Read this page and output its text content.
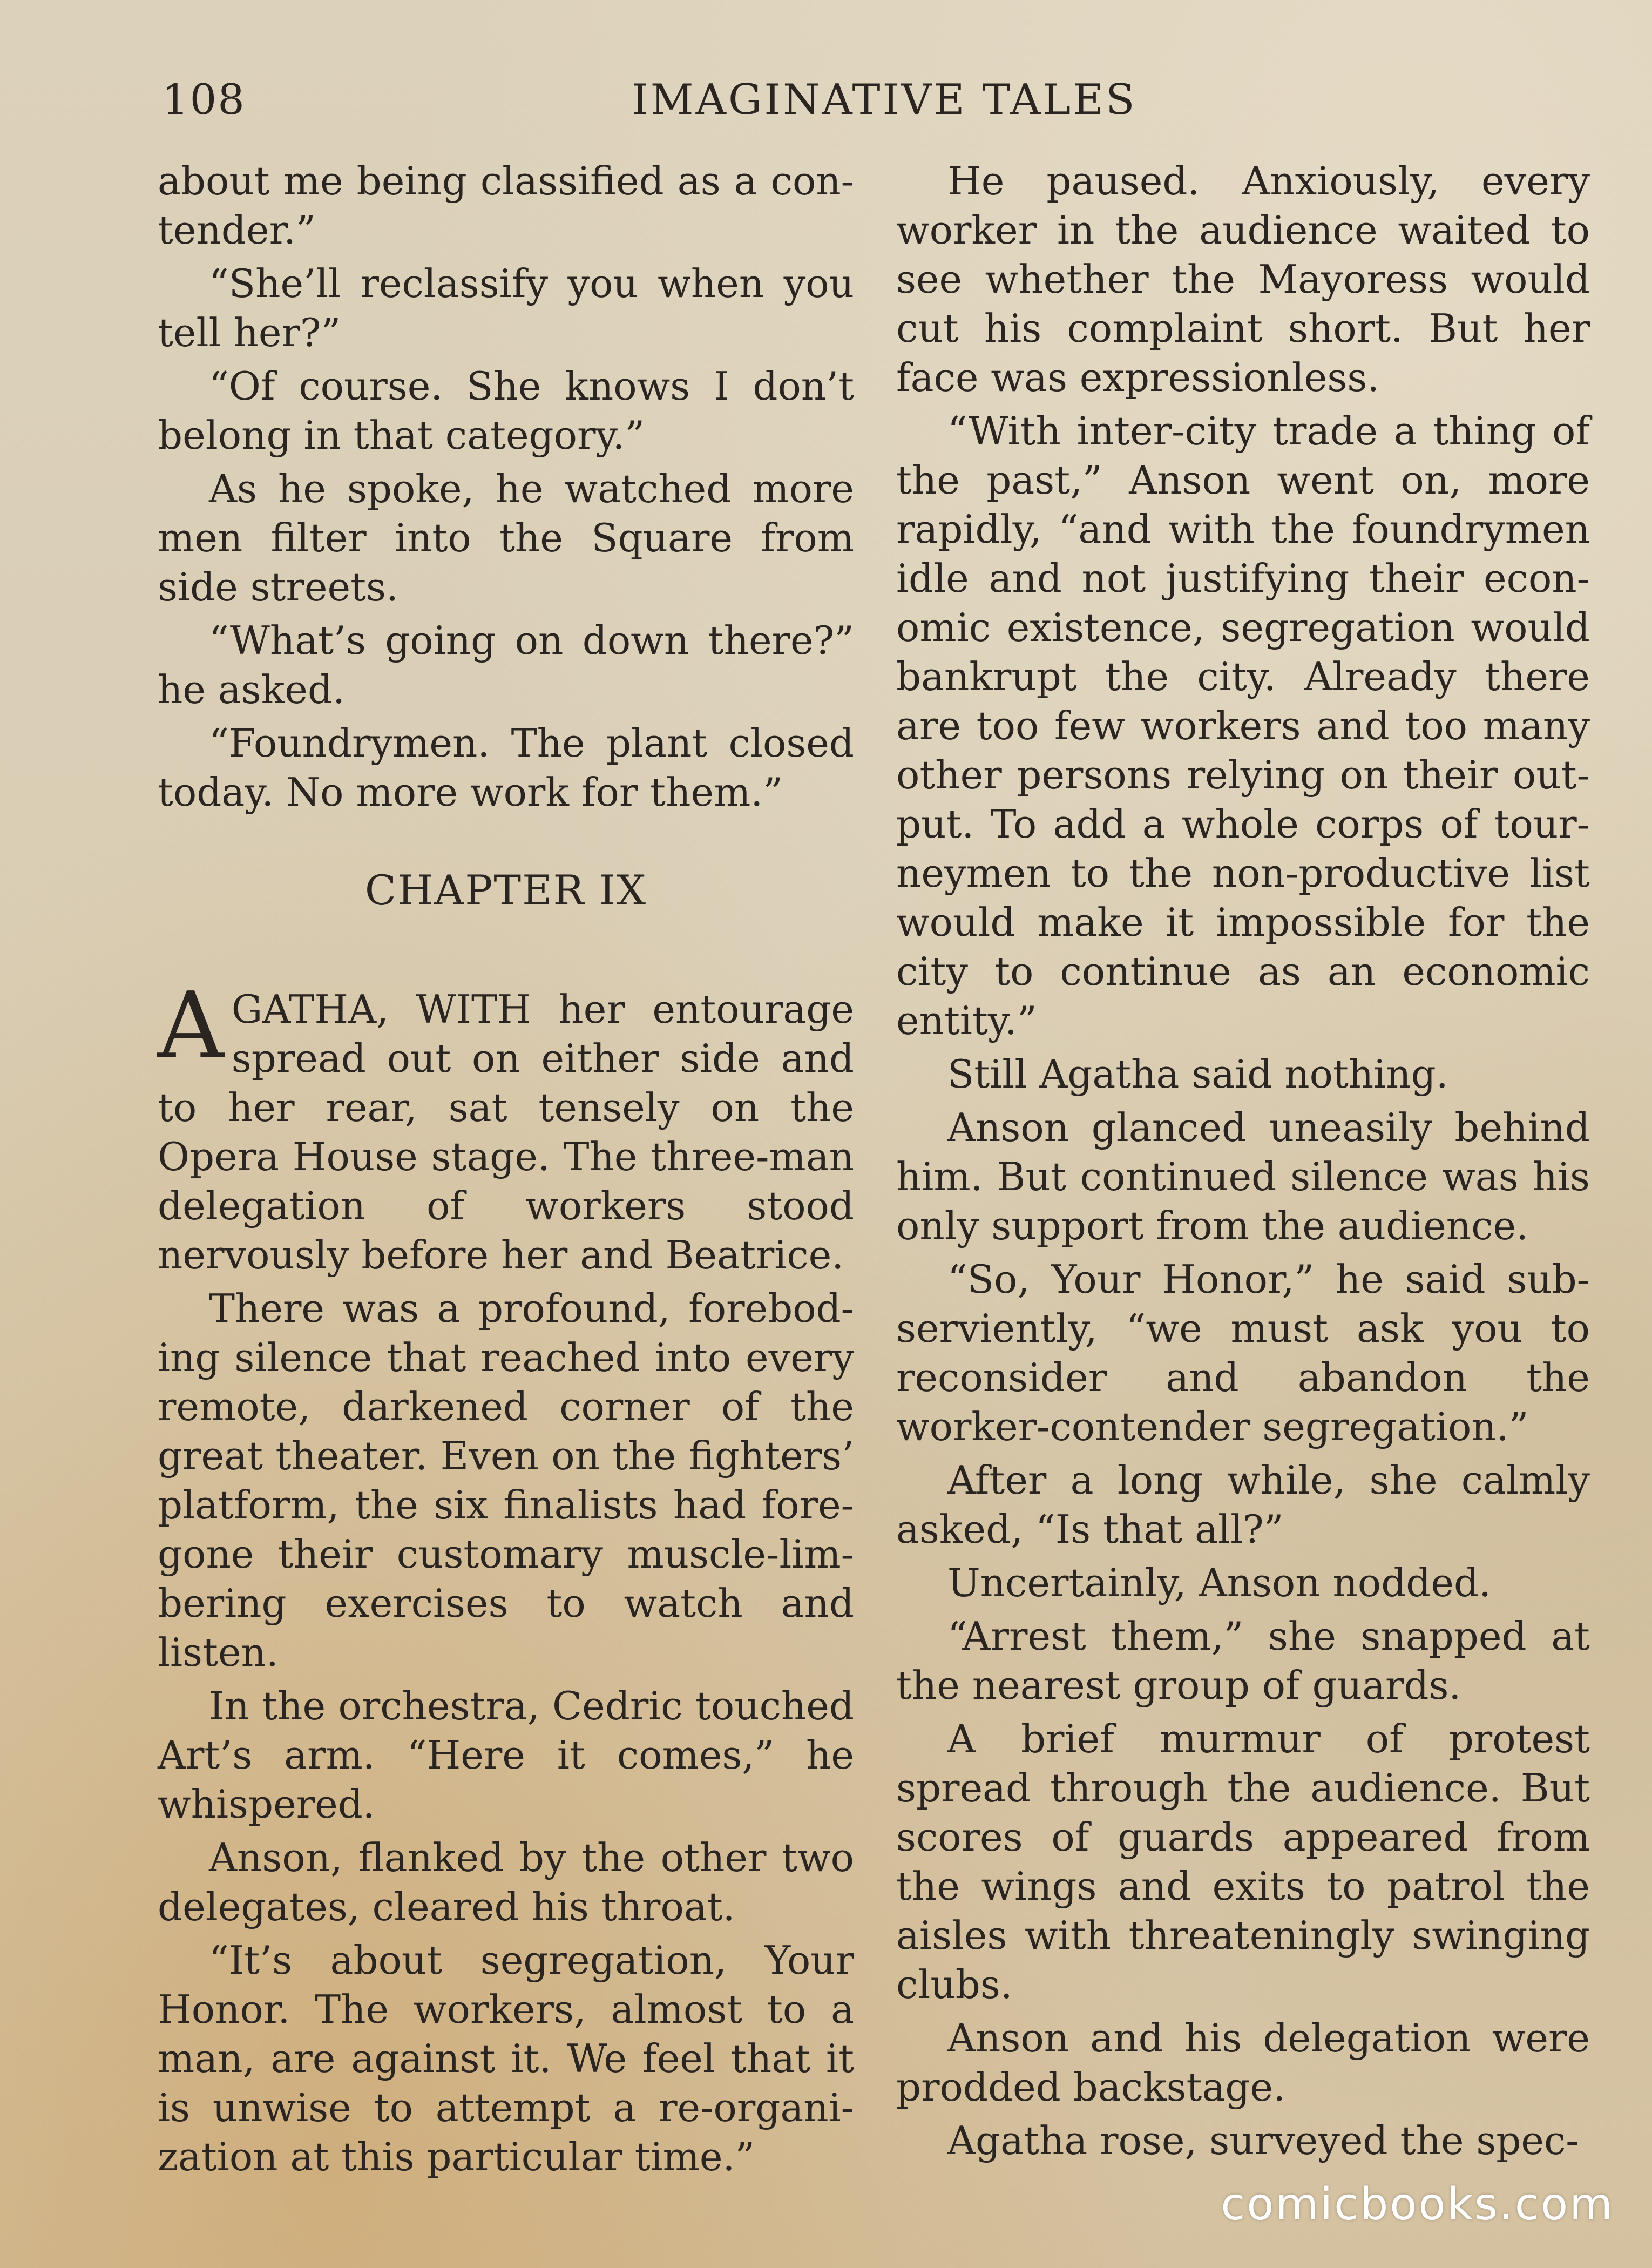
108	IMAGINATIVE TALES

about me being classified as a contender.”

“She’ll reclassify you when you tell her?”

“Of course. She knows I don’t belong in that category.”

As he spoke, he watched more men filter into the Square from side streets.

“What’s going on down there?” he asked.

“Foundrymen. The plant closed today. No more work for them.”

CHAPTER IX

AGATHA, WITH her entourage spread out on either side and to her rear, sat tensely on the Opera House stage. The three-man delegation of workers stood nervously before her and Beatrice.

There was a profound, foreboding silence that reached into every remote, darkened corner of the great theater. Even on the fighters’ platform, the six finalists had foregone their customary muscle-limbering exercises to watch and listen.

In the orchestra, Cedric touched Art’s arm. “Here it comes,” he whispered.

Anson, flanked by the other two delegates, cleared his throat.

“It’s about segregation, Your Honor. The workers, almost to a man, are against it. We feel that it is unwise to attempt a re-organization at this particular time.”

He paused. Anxiously, every worker in the audience waited to see whether the Mayoress would cut his complaint short. But her face was expressionless.

“With inter-city trade a thing of the past,” Anson went on, more rapidly, “and with the foundrymen idle and not justifying their economic existence, segregation would bankrupt the city. Already there are too few workers and too many other persons relying on their output. To add a whole corps of tourneymen to the non-productive list would make it impossible for the city to continue as an economic entity.”

Still Agatha said nothing.

Anson glanced uneasily behind him. But continued silence was his only support from the audience.

“So, Your Honor,” he said subserviently, “we must ask you to reconsider and abandon the worker-contender segregation.”

After a long while, she calmly asked, “Is that all?”

Uncertainly, Anson nodded.

“Arrest them,” she snapped at the nearest group of guards.

A brief murmur of protest spread through the audience. But scores of guards appeared from the wings and exits to patrol the aisles with threateningly swinging clubs.

Anson and his delegation were prodded backstage.

Agatha rose, surveyed the spec-

comicbooks.com
